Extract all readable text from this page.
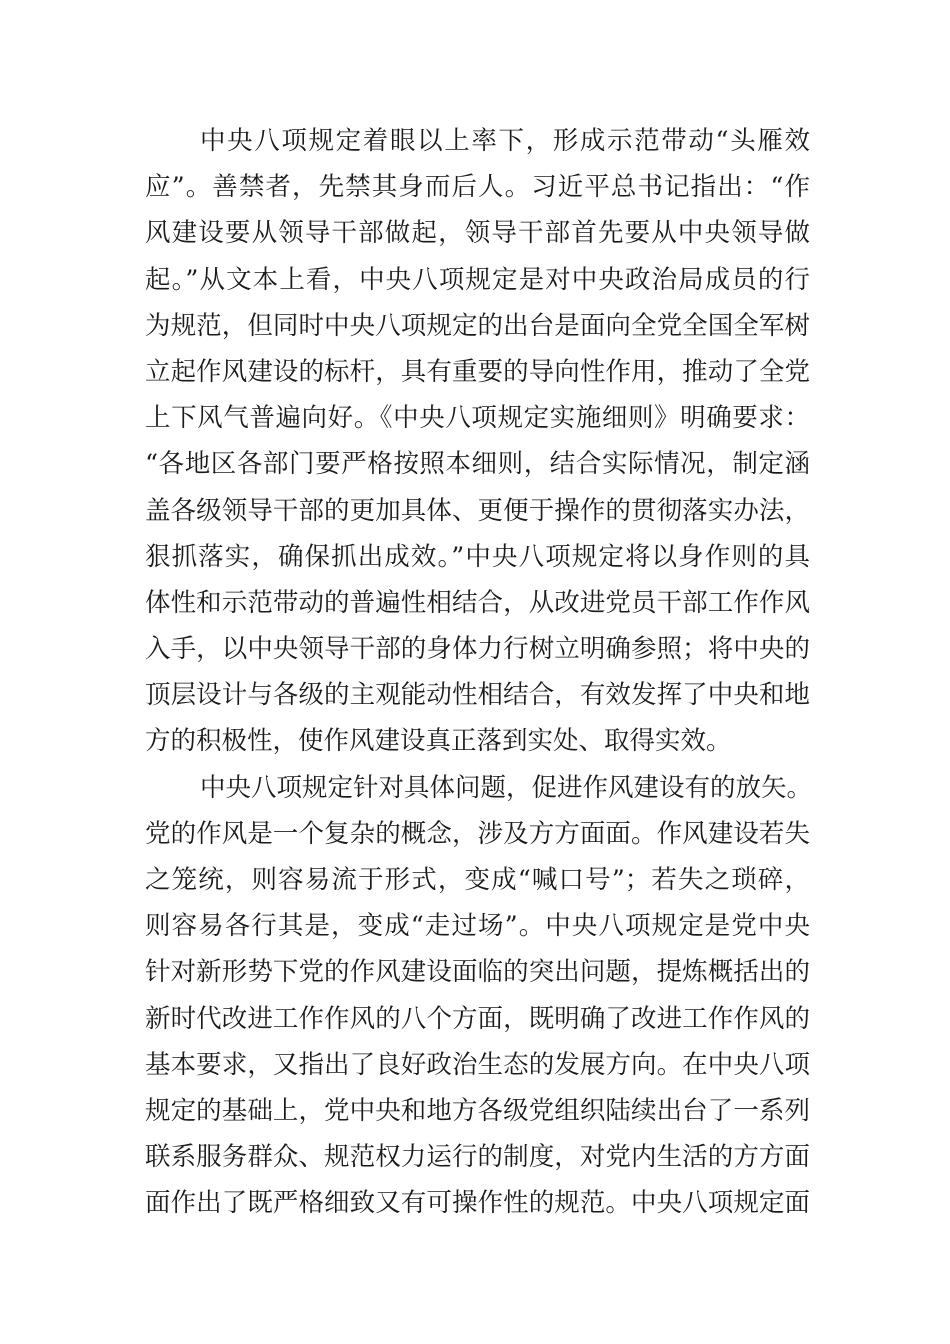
中央八项规定着眼以上率下，形成示范带动“头雁效
应”。善禁者，先禁其身而后人。习近平总书记指出：“作
风建设要从领导干部做起，领导干部首先要从中央领导做
起。”从文本上看，中央八项规定是对中央政治局成员的行
为规范，但同时中央八项规定的出台是面向全党全国全军树
立起作风建设的标杆，具有重要的导向性作用，推动了全党
上下风气普遍向好。《中央八项规定实施细则》明确要求：
“各地区各部门要严格按照本细则，结合实际情况，制定涵
盖各级领导干部的更加具体、更便于操作的贯彻落实办法，
狠抓落实，确保抓出成效。”中央八项规定将以身作则的具
体性和示范带动的普遍性相结合，从改进党员干部工作作风
入手，以中央领导干部的身体力行树立明确参照；将中央的
顶层设计与各级的主观能动性相结合，有效发挥了中央和地
方的积极性，使作风建设真正落到实处、取得实效。
中央八项规定针对具体问题，促进作风建设有的放矢。
党的作风是一个复杂的概念，涉及方方面面。作风建设若失
之笼统，则容易流于形式，变成“喊口号”；若失之琐碎，
则容易各行其是，变成“走过场”。中央八项规定是党中央
针对新形势下党的作风建设面临的突出问题，提炼概括出的
新时代改进工作作风的八个方面，既明确了改进工作作风的
基本要求，又指出了良好政治生态的发展方向。在中央八项
规定的基础上，党中央和地方各级党组织陆续出台了一系列
联系服务群众、规范权力运行的制度，对党内生活的方方面
面作出了既严格细致又有可操作性的规范。中央八项规定面
